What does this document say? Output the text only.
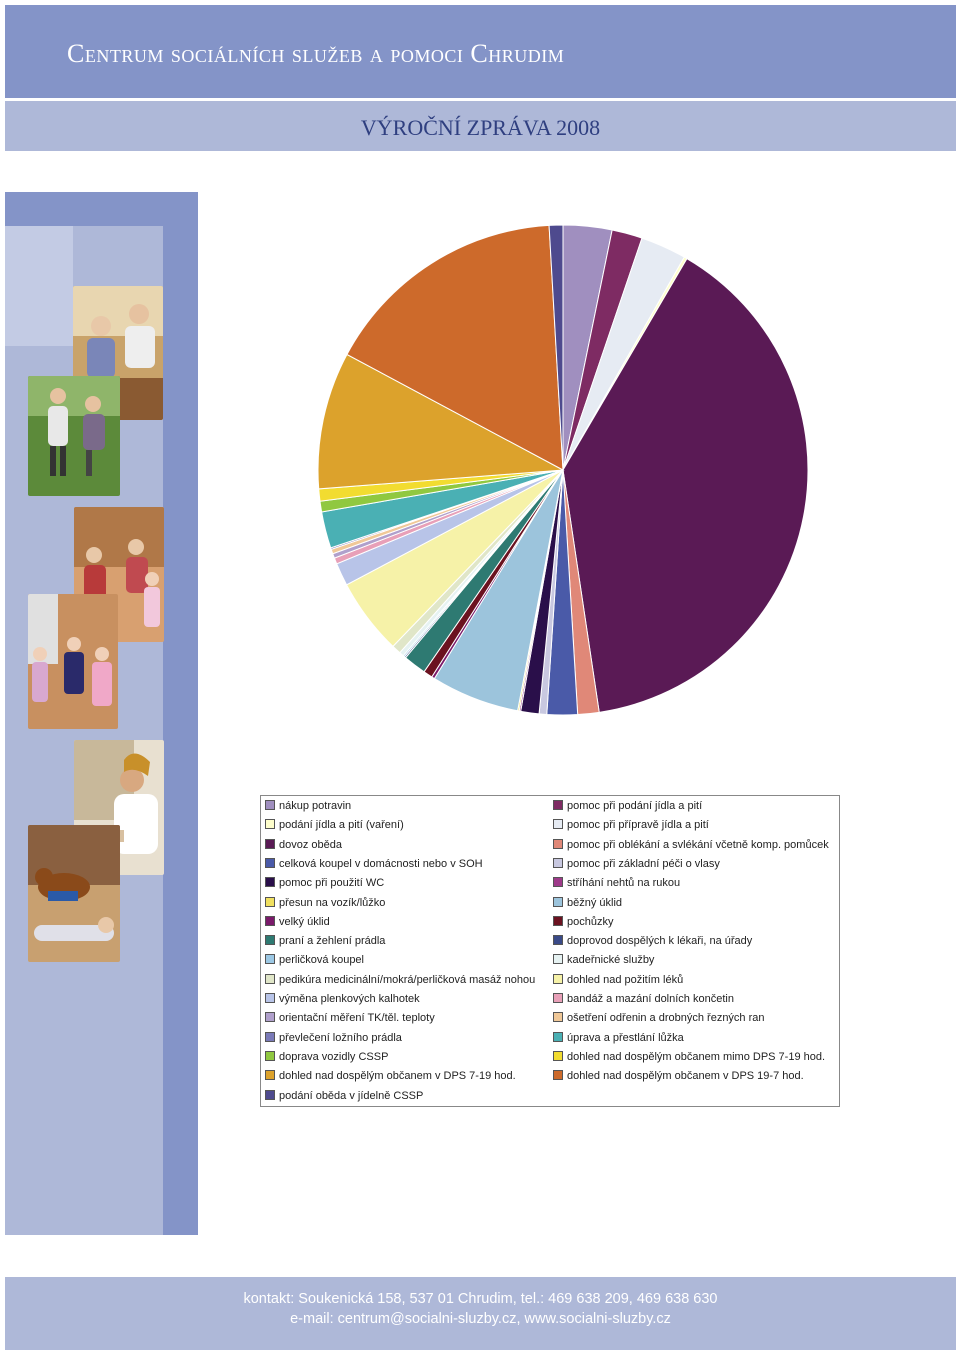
Centrum sociálních služeb a pomoci Chrudim
VÝROČNÍ ZPRÁVA 2008
nákup potravin
podání jídla a pití (vaření)
dovoz oběda
celková koupel v domácnosti nebo v SOH
pomoc při použití WC
přesun na vozík/lůžko
velký úklid
praní a žehlení prádla
perličková koupel
pedikúra medicinální/mokrá/perličková masáž nohou
výměna plenkových kalhotek
orientační měření TK/těl. teploty
převlečení ložního prádla
doprava vozidly CSSP
dohled nad dospělým občanem v DPS 7-19 hod.
podání oběda v jídelně CSSP
pomoc při podání jídla a pití
pomoc při přípravě jídla a pití
pomoc při oblékání a svlékání včetně komp. pomůcek
pomoc při základní péči o vlasy
stříhání nehtů na rukou
běžný úklid
pochůzky
doprovod dospělých k lékaři, na úřady
kadeřnické služby
dohled nad požitím léků
bandáž a mazání dolních končetin
ošetření odřenin a drobných řezných ran
úprava a přestlání lůžka
dohled nad dospělým občanem mimo DPS 7-19 hod.
dohled nad dospělým občanem v DPS 19-7 hod.
kontakt: Soukenická 158, 537 01 Chrudim, tel.: 469 638 209, 469 638 630
e-mail: centrum@socialni-sluzby.cz, www.socialni-sluzby.cz
